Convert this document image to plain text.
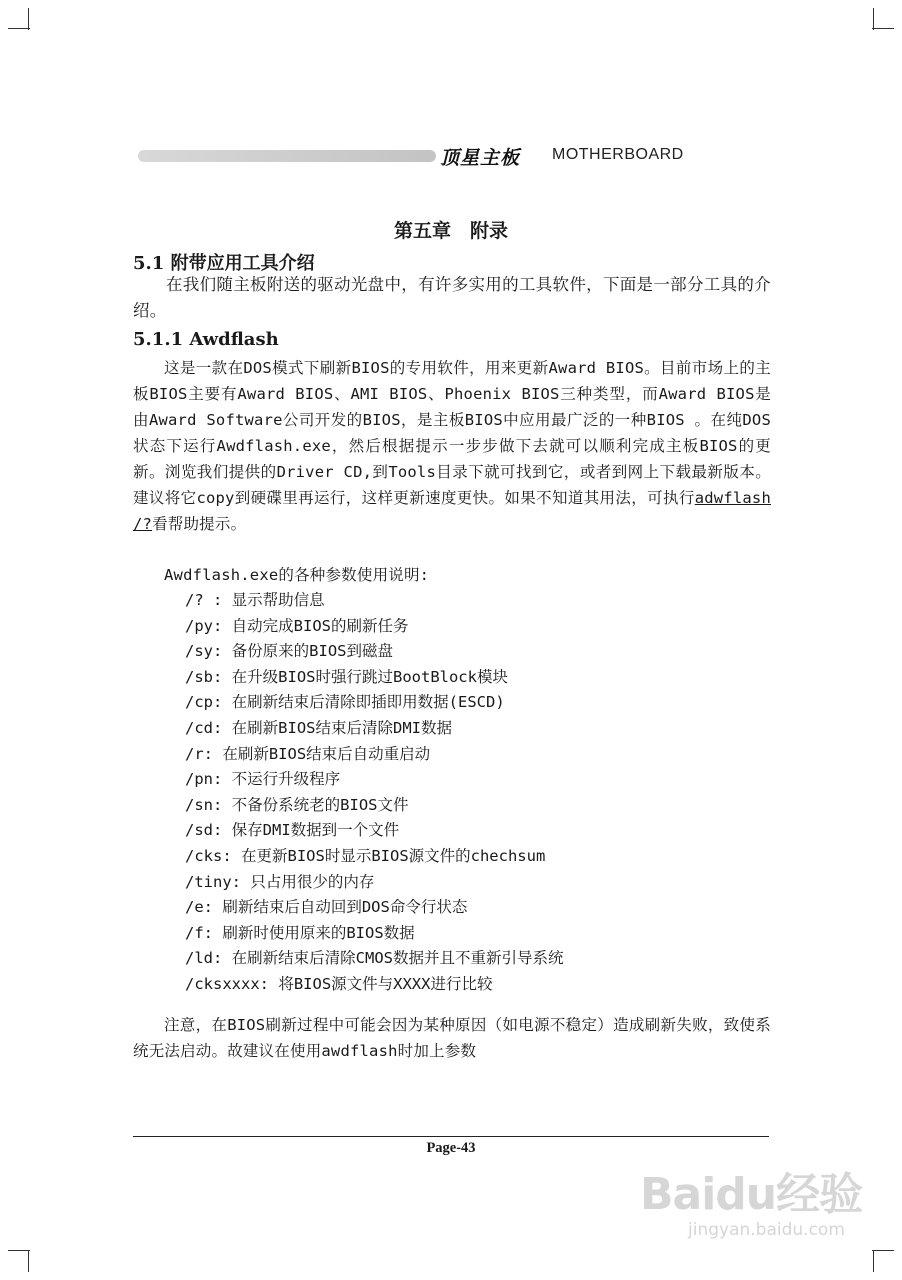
顶星主板 MOTHERBOARD
第五章　附录
5.1 附带应用工具介绍
在我们随主板附送的驱动光盘中，有许多实用的工具软件，下面是一部分工具的介绍。
5.1.1 Awdflash
这是一款在DOS模式下刷新BIOS的专用软件，用来更新Award BIOS。目前市场上的主板BIOS主要有Award BIOS、AMI BIOS、Phoenix BIOS三种类型，而Award BIOS是由Award Software公司开发的BIOS，是主板BIOS中应用最广泛的一种BIOS 。在纯DOS状态下运行Awdflash.exe，然后根据提示一步步做下去就可以顺利完成主板BIOS的更新。浏览我们提供的Driver CD,到Tools目录下就可找到它，或者到网上下载最新版本。建议将它copy到硬碟里再运行，这样更新速度更快。如果不知道其用法，可执行adwflash /?看帮助提示。
Awdflash.exe的各种参数使用说明:
/? : 显示帮助信息
/py: 自动完成BIOS的刷新任务
/sy: 备份原来的BIOS到磁盘
/sb: 在升级BIOS时强行跳过BootBlock模块
/cp: 在刷新结束后清除即插即用数据(ESCD)
/cd: 在刷新BIOS结束后清除DMI数据
/r: 在刷新BIOS结束后自动重启动
/pn: 不运行升级程序
/sn: 不备份系统老的BIOS文件
/sd: 保存DMI数据到一个文件
/cks: 在更新BIOS时显示BIOS源文件的chechsum
/tiny: 只占用很少的内存
/e: 刷新结束后自动回到DOS命令行状态
/f: 刷新时使用原来的BIOS数据
/ld: 在刷新结束后清除CMOS数据并且不重新引导系统
/cksxxxx: 将BIOS源文件与XXXX进行比较
注意，在BIOS刷新过程中可能会因为某种原因（如电源不稳定）造成刷新失败，致使系统无法启动。故建议在使用awdflash时加上参数
Page-43
Baidu经验
jingyan.baidu.com
